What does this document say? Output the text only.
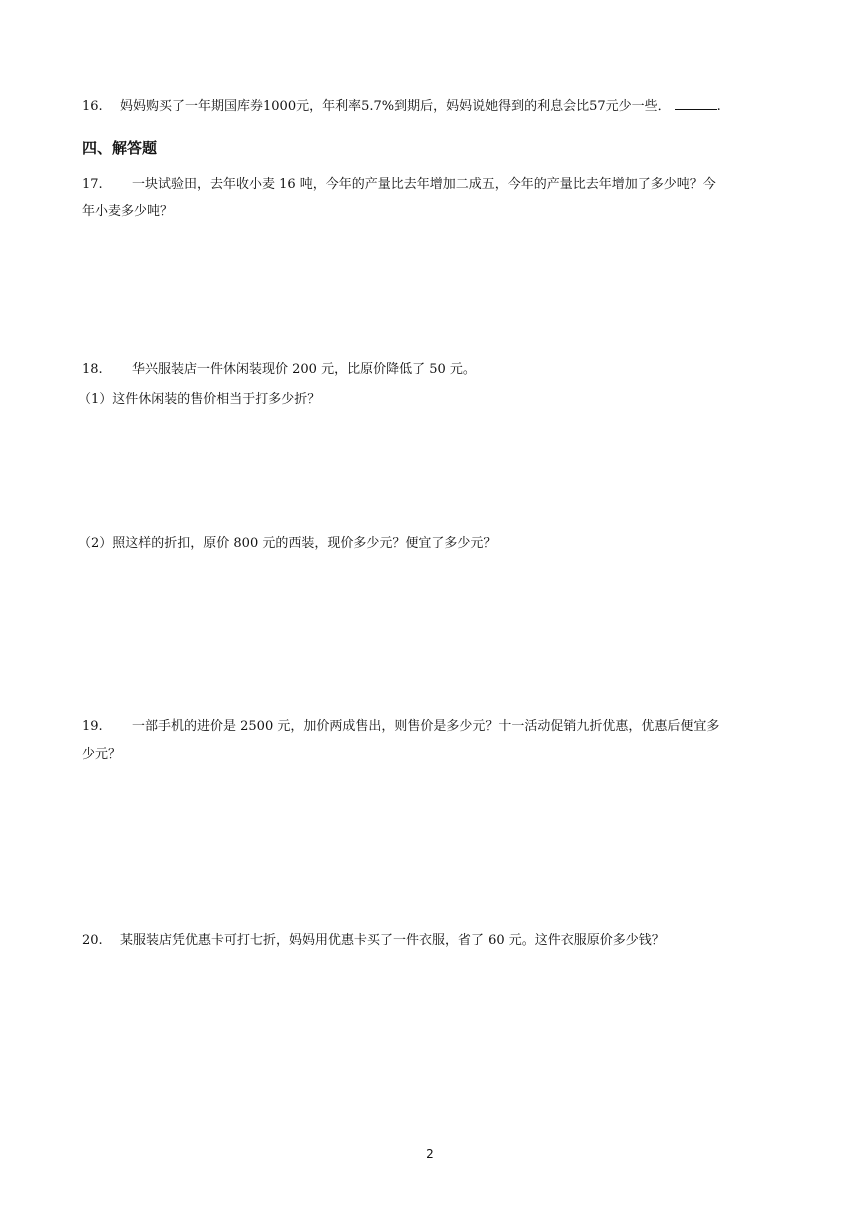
16. 妈妈购买了一年期国库券1000元，年利率5.7%到期后，妈妈说她得到的利息会比57元少一些．	.
四、解答题
17. 一块试验田，去年收小麦 16 吨，今年的产量比去年增加二成五，今年的产量比去年增加了多少吨？今
年小麦多少吨？
18. 华兴服装店一件休闲装现价 200 元，比原价降低了 50 元。
（1）这件休闲装的售价相当于打多少折？
（2）照这样的折扣，原价 800 元的西装，现价多少元？便宜了多少元？
19. 一部手机的进价是 2500 元，加价两成售出，则售价是多少元？十一活动促销九折优惠，优惠后便宜多
少元？
20. 某服装店凭优惠卡可打七折，妈妈用优惠卡买了一件衣服，省了 60 元。这件衣服原价多少钱？
2
